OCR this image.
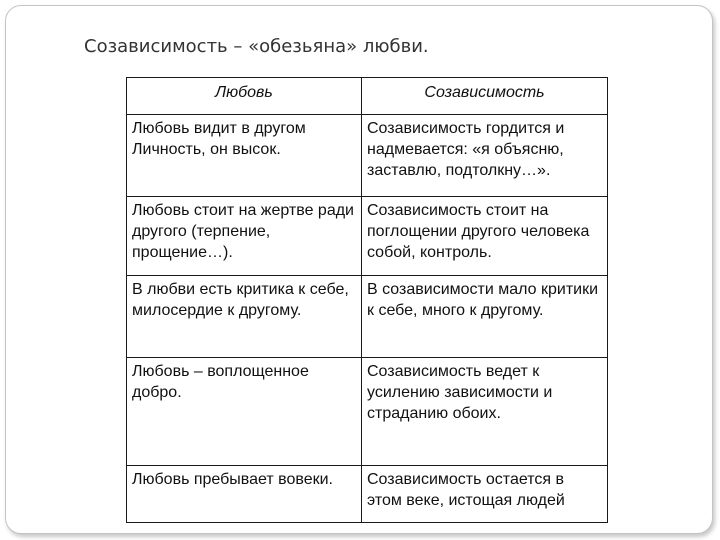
Созависимость – «обезьяна» любви.
Любовь	Созависимость
Любовь видит в другом Личность, он высок.	Созависимость гордится и надмевается: «я объясню, заставлю, подтолкну…».
Любовь стоит на жертве ради другого (терпение, прощение…).	Созависимость стоит на поглощении другого человека собой, контроль.
В любви есть критика к себе, милосердие к другому.	В созависимости мало критики к себе, много к другому.
Любовь – воплощенное добро.	Созависимость ведет к усилению зависимости и страданию обоих.
Любовь пребывает вовеки.	Созависимость остается в этом веке, истощая людей
